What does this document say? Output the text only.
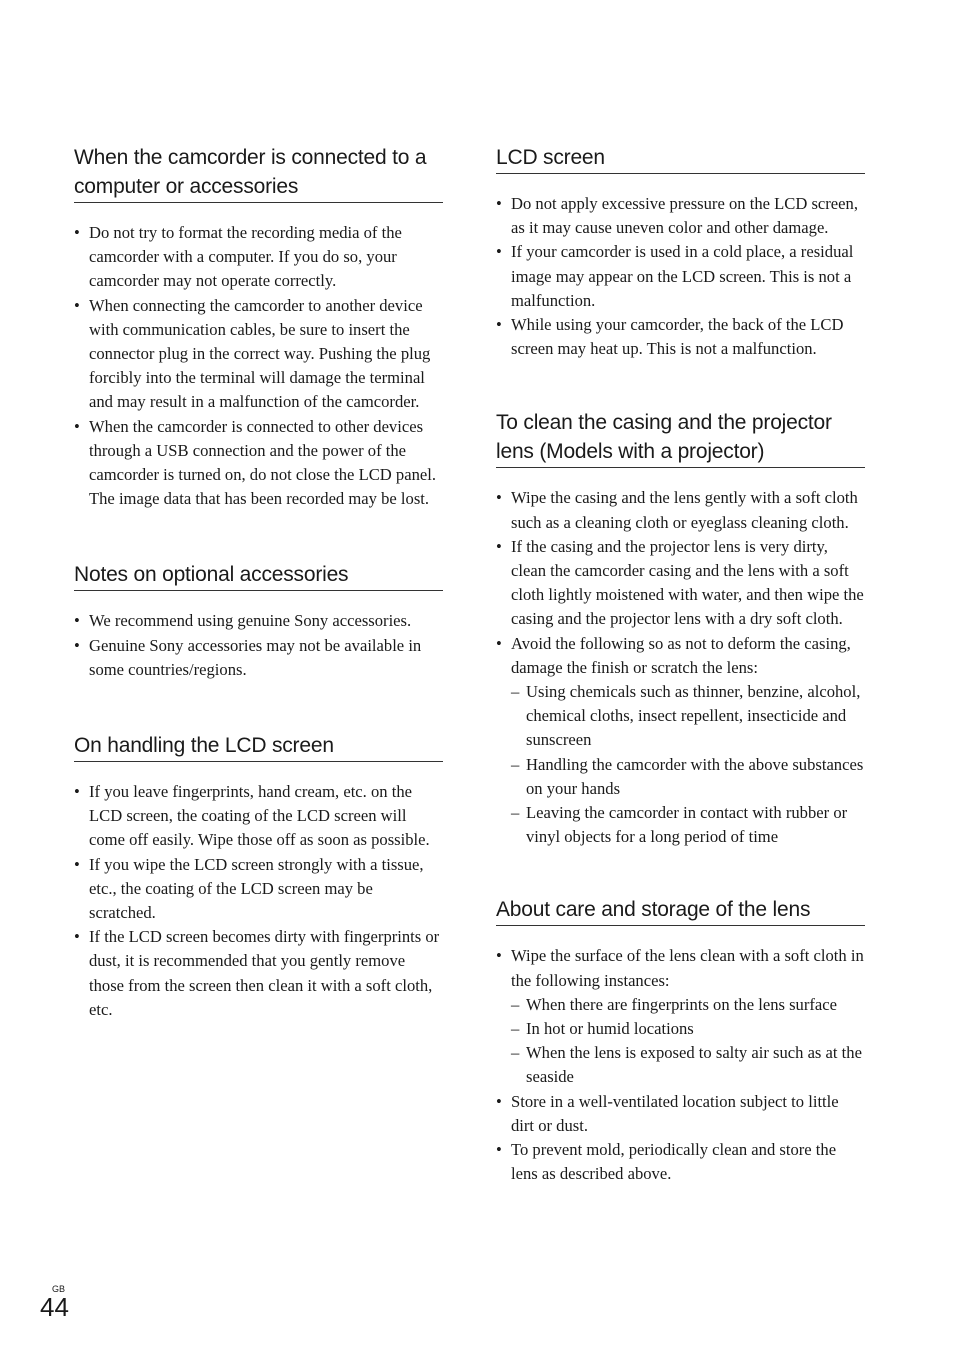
When the camcorder is connected to a computer or accessories
• Do not try to format the recording media of the camcorder with a computer. If you do so, your camcorder may not operate correctly.
• When connecting the camcorder to another device with communication cables, be sure to insert the connector plug in the correct way. Pushing the plug forcibly into the terminal will damage the terminal and may result in a malfunction of the camcorder.
• When the camcorder is connected to other devices through a USB connection and the power of the camcorder is turned on, do not close the LCD panel. The image data that has been recorded may be lost.
Notes on optional accessories
• We recommend using genuine Sony accessories.
• Genuine Sony accessories may not be available in some countries/regions.
On handling the LCD screen
• If you leave fingerprints, hand cream, etc. on the LCD screen, the coating of the LCD screen will come off easily. Wipe those off as soon as possible.
• If you wipe the LCD screen strongly with a tissue, etc., the coating of the LCD screen may be scratched.
• If the LCD screen becomes dirty with fingerprints or dust, it is recommended that you gently remove those from the screen then clean it with a soft cloth, etc.
LCD screen
• Do not apply excessive pressure on the LCD screen, as it may cause uneven color and other damage.
• If your camcorder is used in a cold place, a residual image may appear on the LCD screen. This is not a malfunction.
• While using your camcorder, the back of the LCD screen may heat up. This is not a malfunction.
To clean the casing and the projector lens (Models with a projector)
• Wipe the casing and the lens gently with a soft cloth such as a cleaning cloth or eyeglass cleaning cloth.
• If the casing and the projector lens is very dirty, clean the camcorder casing and the lens with a soft cloth lightly moistened with water, and then wipe the casing and the projector lens with a dry soft cloth.
• Avoid the following so as not to deform the casing, damage the finish or scratch the lens:
– Using chemicals such as thinner, benzine, alcohol, chemical cloths, insect repellent, insecticide and sunscreen
– Handling the camcorder with the above substances on your hands
– Leaving the camcorder in contact with rubber or vinyl objects for a long period of time
About care and storage of the lens
• Wipe the surface of the lens clean with a soft cloth in the following instances:
– When there are fingerprints on the lens surface
– In hot or humid locations
– When the lens is exposed to salty air such as at the seaside
• Store in a well-ventilated location subject to little dirt or dust.
• To prevent mold, periodically clean and store the lens as described above.
GB
44
